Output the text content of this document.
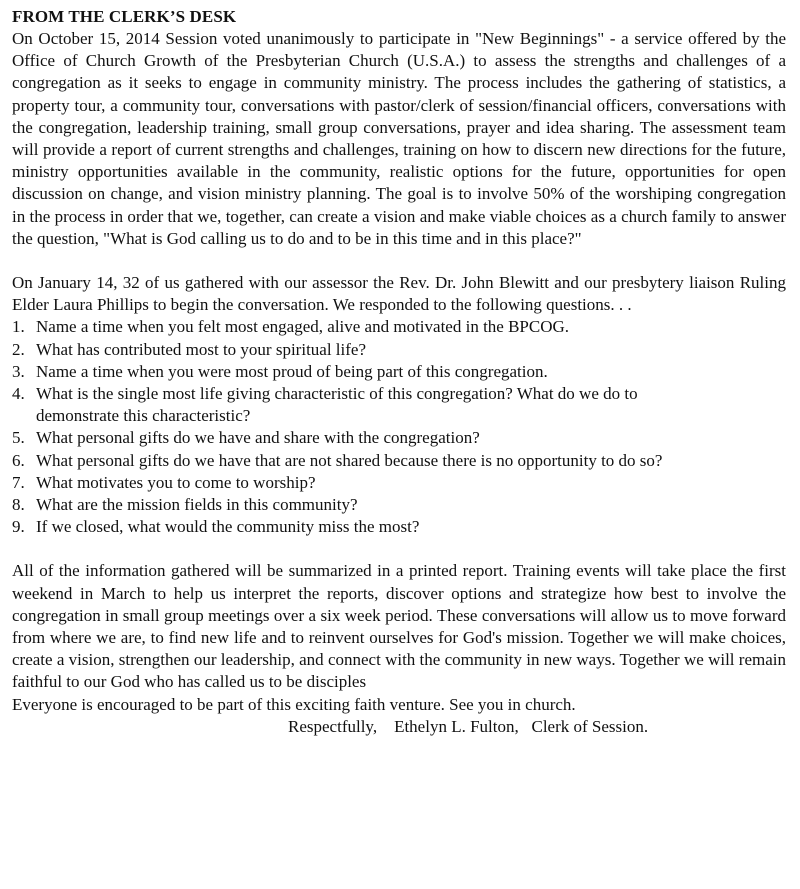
FROM THE CLERK’S DESK

On October 15, 2014 Session voted unanimously to participate in "New Beginnings" - a service offered by the Office of Church Growth of the Presbyterian Church (U.S.A.) to assess the strengths and challenges of a congregation as it seeks to engage in community ministry. The process includes the gathering of statistics, a property tour, a community tour, conversations with pastor/clerk of session/financial officers, conversations with the congregation, leadership training, small group conversations, prayer and idea sharing. The assessment team will provide a report of current strengths and challenges, training on how to discern new directions for the future, ministry opportunities available in the community, realistic options for the future, opportunities for open discussion on change, and vision ministry planning. The goal is to involve 50% of the worshiping congregation in the process in order that we, together, can create a vision and make viable choices as a church family to answer the question, "What is God calling us to do and to be in this time and in this place?"

On January 14, 32 of us gathered with our assessor the Rev. Dr. John Blewitt and our presbytery liaison Ruling Elder Laura Phillips to begin the conversation. We responded to the following questions. . .

1. Name a time when you felt most engaged, alive and motivated in the BPCOG.
2. What has contributed most to your spiritual life?
3. Name a time when you were most proud of being part of this congregation.
4. What is the single most life giving characteristic of this congregation? What do we do to demonstrate this characteristic?
5. What personal gifts do we have and share with the congregation?
6. What personal gifts do we have that are not shared because there is no opportunity to do so?
7. What motivates you to come to worship?
8. What are the mission fields in this community?
9. If we closed, what would the community miss the most?

All of the information gathered will be summarized in a printed report. Training events will take place the first weekend in March to help us interpret the reports, discover options and strategize how best to involve the congregation in small group meetings over a six week period. These conversations will allow us to move forward from where we are, to find new life and to reinvent ourselves for God's mission. Together we will make choices, create a vision, strengthen our leadership, and connect with the community in new ways. Together we will remain faithful to our God who has called us to be disciples

Everyone is encouraged to be part of this exciting faith venture. See you in church.

Respectfully,    Ethelyn L. Fulton,   Clerk of Session.
